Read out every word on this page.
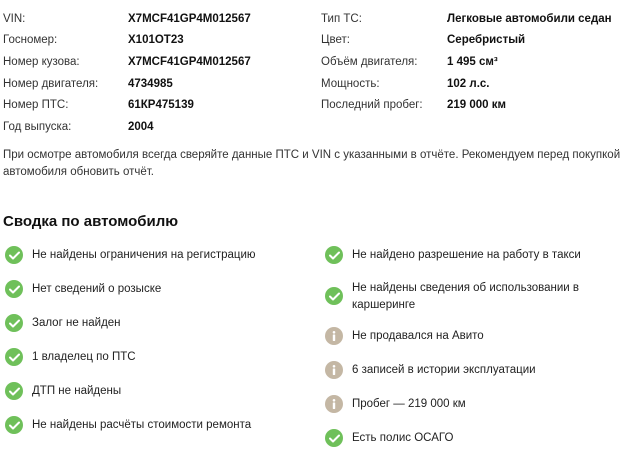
VIN:	X7MCF41GP4M012567
Госномер:	X101OT23
Номер кузова:	X7MCF41GP4M012567
Номер двигателя:	4734985
Номер ПТС:	61КР475139
Год выпуска:	2004
Тип ТС:	Легковые автомобили седан
Цвет:	Серебристый
Объём двигателя:	1 495 см³
Мощность:	102 л.с.
Последний пробег: 219 000 км
При осмотре автомобиля всегда сверяйте данные ПТС и VIN с указанными в отчёте. Рекомендуем перед покупкой автомобиля обновить отчёт.
Сводка по автомобилю
Не найдены ограничения на регистрацию
Нет сведений о розыске
Залог не найден
1 владелец по ПТС
ДТП не найдены
Не найдены расчёты стоимости ремонта
Не найдено разрешение на работу в такси
Не найдены сведения об использовании в каршеринге
Не продавался на Авито
6 записей в истории эксплуатации
Пробег — 219 000 км
Есть полис ОСАГО
